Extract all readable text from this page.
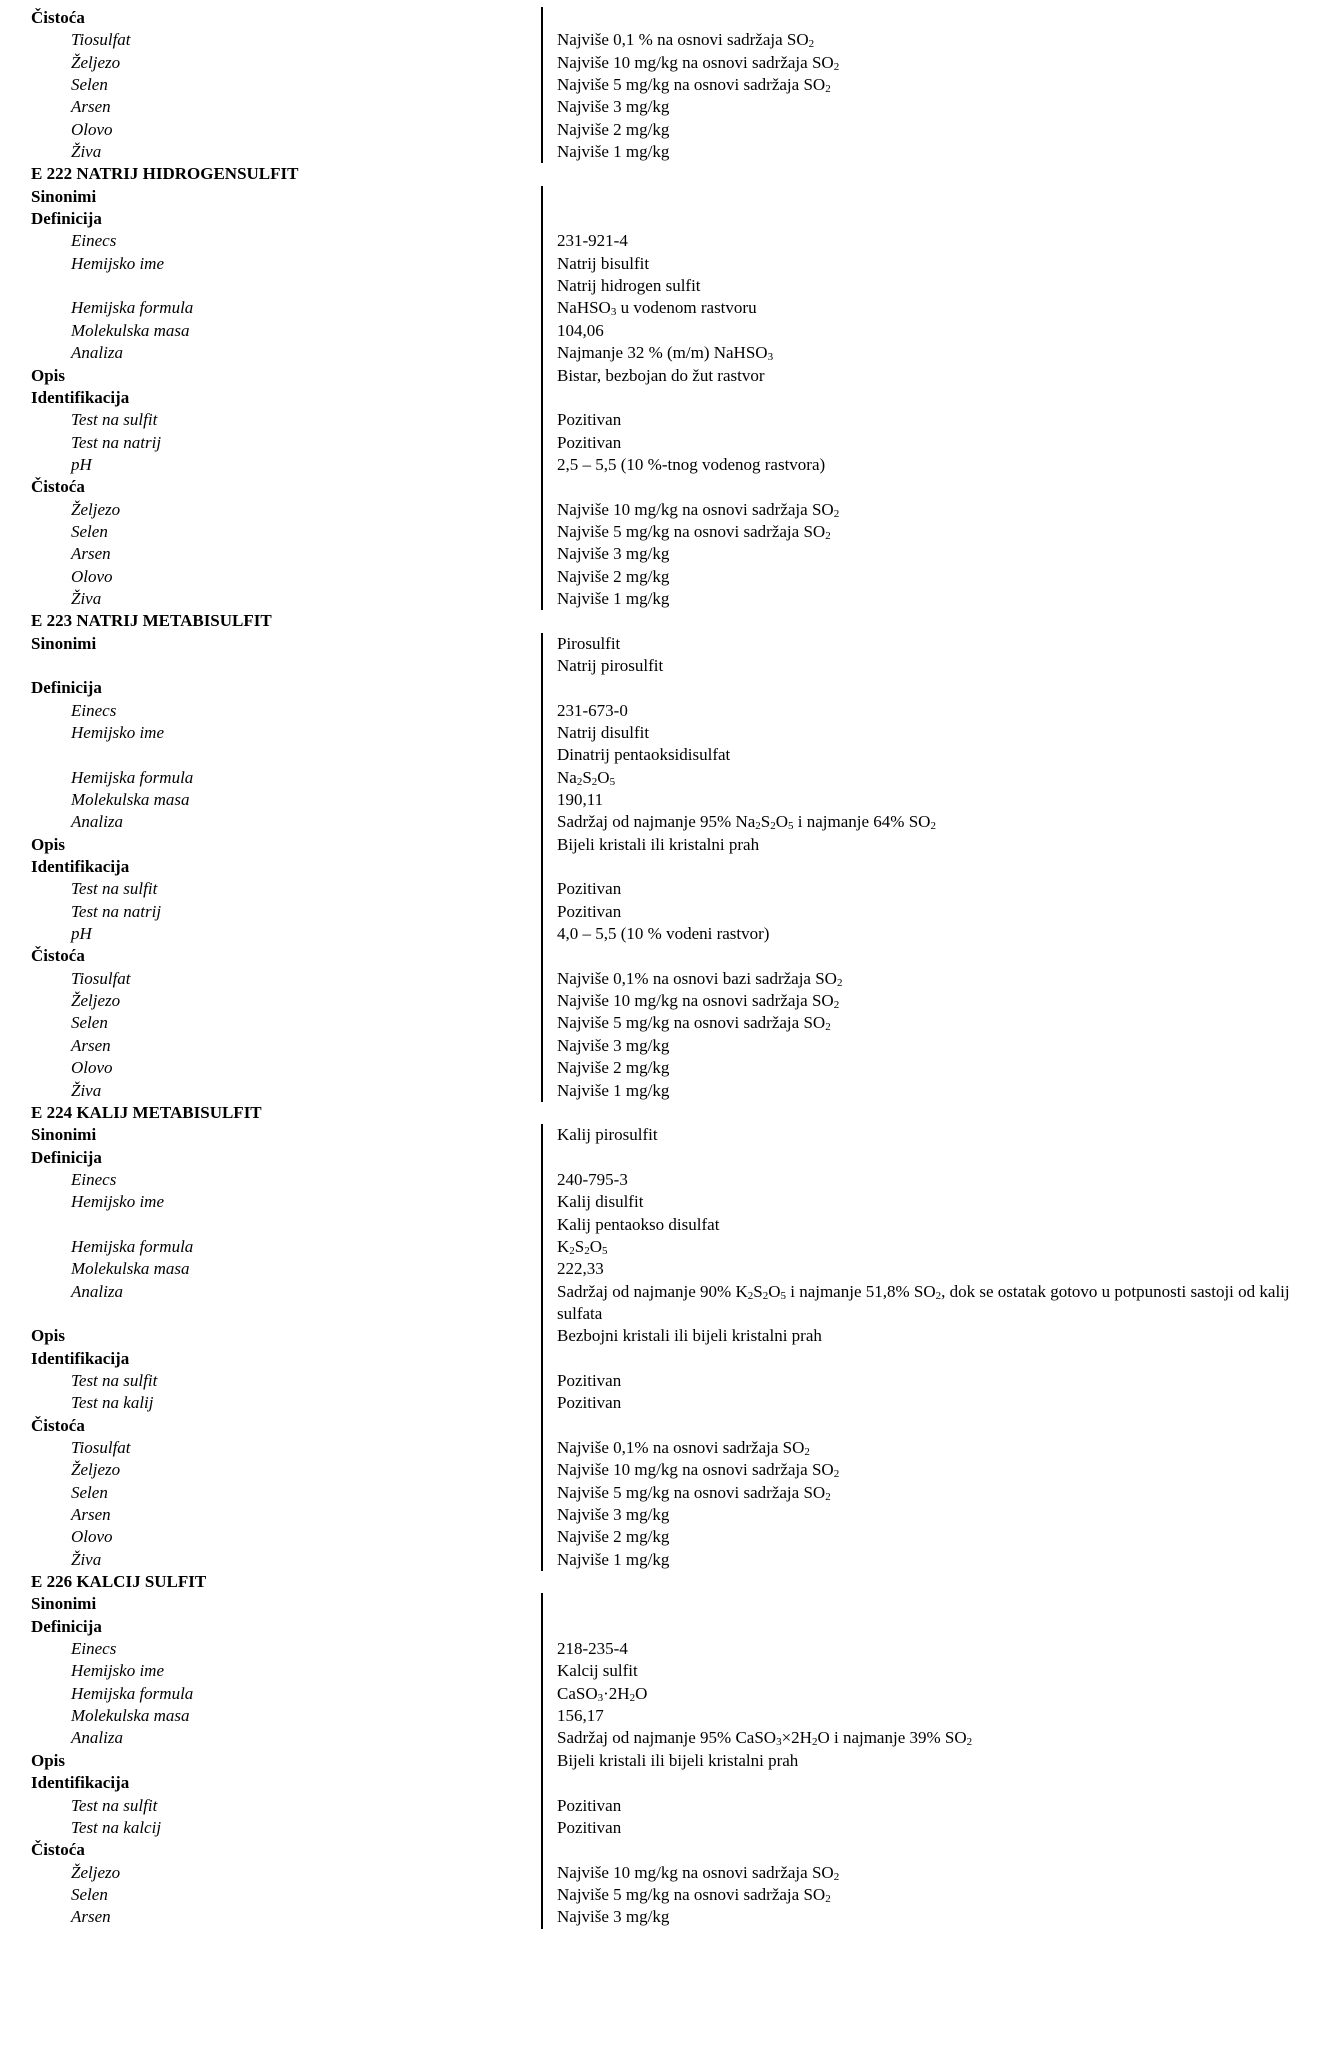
Čistoća
Tiosulfat	Najviše 0,1 % na osnovi sadržaja $SO_2$
Željezo	Najviše 10 mg/kg na osnovi sadržaja $SO_2$
Selen	Najviše 5 mg/kg na osnovi sadržaja $SO_2$
Arsen	Najviše 3 mg/kg
Olovo	Najviše 2 mg/kg
Živa	Najviše 1 mg/kg
E 222 NATRIJ HIDROGENSULFIT
Sinonimi
Definicija
Einecs	231-921-4
Hemijsko ime	Natrij bisulfit
Natrij hidrogen sulfit
Hemijska formula	NaHSO$_3$ u vodenom rastvoru
Molekulska masa	104,06
Analiza	Najmanje 32 % (m/m) NaHSO$_3$
Opis	Bistar, bezbojan do žut rastvor
Identifikacija
Test na sulfit	Pozitivan
Test na natrij	Pozitivan
pH	2,5 – 5,5 (10 %-tnog vodenog rastvora)
Čistoća
Željezo	Najviše 10 mg/kg na osnovi sadržaja $SO_2$
Selen	Najviše 5 mg/kg na osnovi sadržaja $SO_2$
Arsen	Najviše 3 mg/kg
Olovo	Najviše 2 mg/kg
Živa	Najviše 1 mg/kg
E 223 NATRIJ METABISULFIT
Sinonimi	Pirosulfit
Natrij pirosulfit
Definicija
Einecs	231-673-0
Hemijsko ime	Natrij disulfit
Dinatrij pentaoksidisulfat
Hemijska formula	$Na_2S_2O_5$
Molekulska masa	190,11
Analiza	Sadržaj od najmanje 95% $Na_2S_2O_5$ i najmanje 64% $SO_2$
Opis	Bijeli kristali ili kristalni prah
Identifikacija
Test na sulfit	Pozitivan
Test na natrij	Pozitivan
pH	4,0 – 5,5 (10 % vodeni rastvor)
Čistoća
Tiosulfat	Najviše 0,1% na osnovi bazi sadržaja $SO_2$
Željezo	Najviše 10 mg/kg na osnovi sadržaja $SO_2$
Selen	Najviše 5 mg/kg na osnovi sadržaja $SO_2$
Arsen	Najviše 3 mg/kg
Olovo	Najviše 2 mg/kg
Živa	Najviše 1 mg/kg
E 224 KALIJ METABISULFIT
Sinonimi	Kalij pirosulfit
Definicija
Einecs	240-795-3
Hemijsko ime	Kalij disulfit
Kalij pentaokso disulfat
Hemijska formula	$K_2S_2O_5$
Molekulska masa	222,33
Analiza	Sadržaj od najmanje 90% $K_2S_2O_5$ i najmanje 51,8% $SO_2$, dok se ostatak gotovo u potpunosti sastoji od kalij sulfata
Opis	Bezbojni kristali ili bijeli kristalni prah
Identifikacija
Test na sulfit	Pozitivan
Test na kalij	Pozitivan
Čistoća
Tiosulfat	Najviše 0,1% na osnovi sadržaja $SO_2$
Željezo	Najviše 10 mg/kg na osnovi sadržaja $SO_2$
Selen	Najviše 5 mg/kg na osnovi sadržaja $SO_2$
Arsen	Najviše 3 mg/kg
Olovo	Najviše 2 mg/kg
Živa	Najviše 1 mg/kg
E 226 KALCIJ SULFIT
Sinonimi
Definicija
Einecs	218-235-4
Hemijsko ime	Kalcij sulfit
Hemijska formula	$CaSO_3\cdot 2H_2O$
Molekulska masa	156,17
Analiza	Sadržaj od najmanje 95% $CaSO_3\times 2H_2O$ i najmanje 39% $SO_2$
Opis	Bijeli kristali ili bijeli kristalni prah
Identifikacija
Test na sulfit	Pozitivan
Test na kalcij	Pozitivan
Čistoća
Željezo	Najviše 10 mg/kg na osnovi sadržaja $SO_2$
Selen	Najviše 5 mg/kg na osnovi sadržaja $SO_2$
Arsen	Najviše 3 mg/kg
